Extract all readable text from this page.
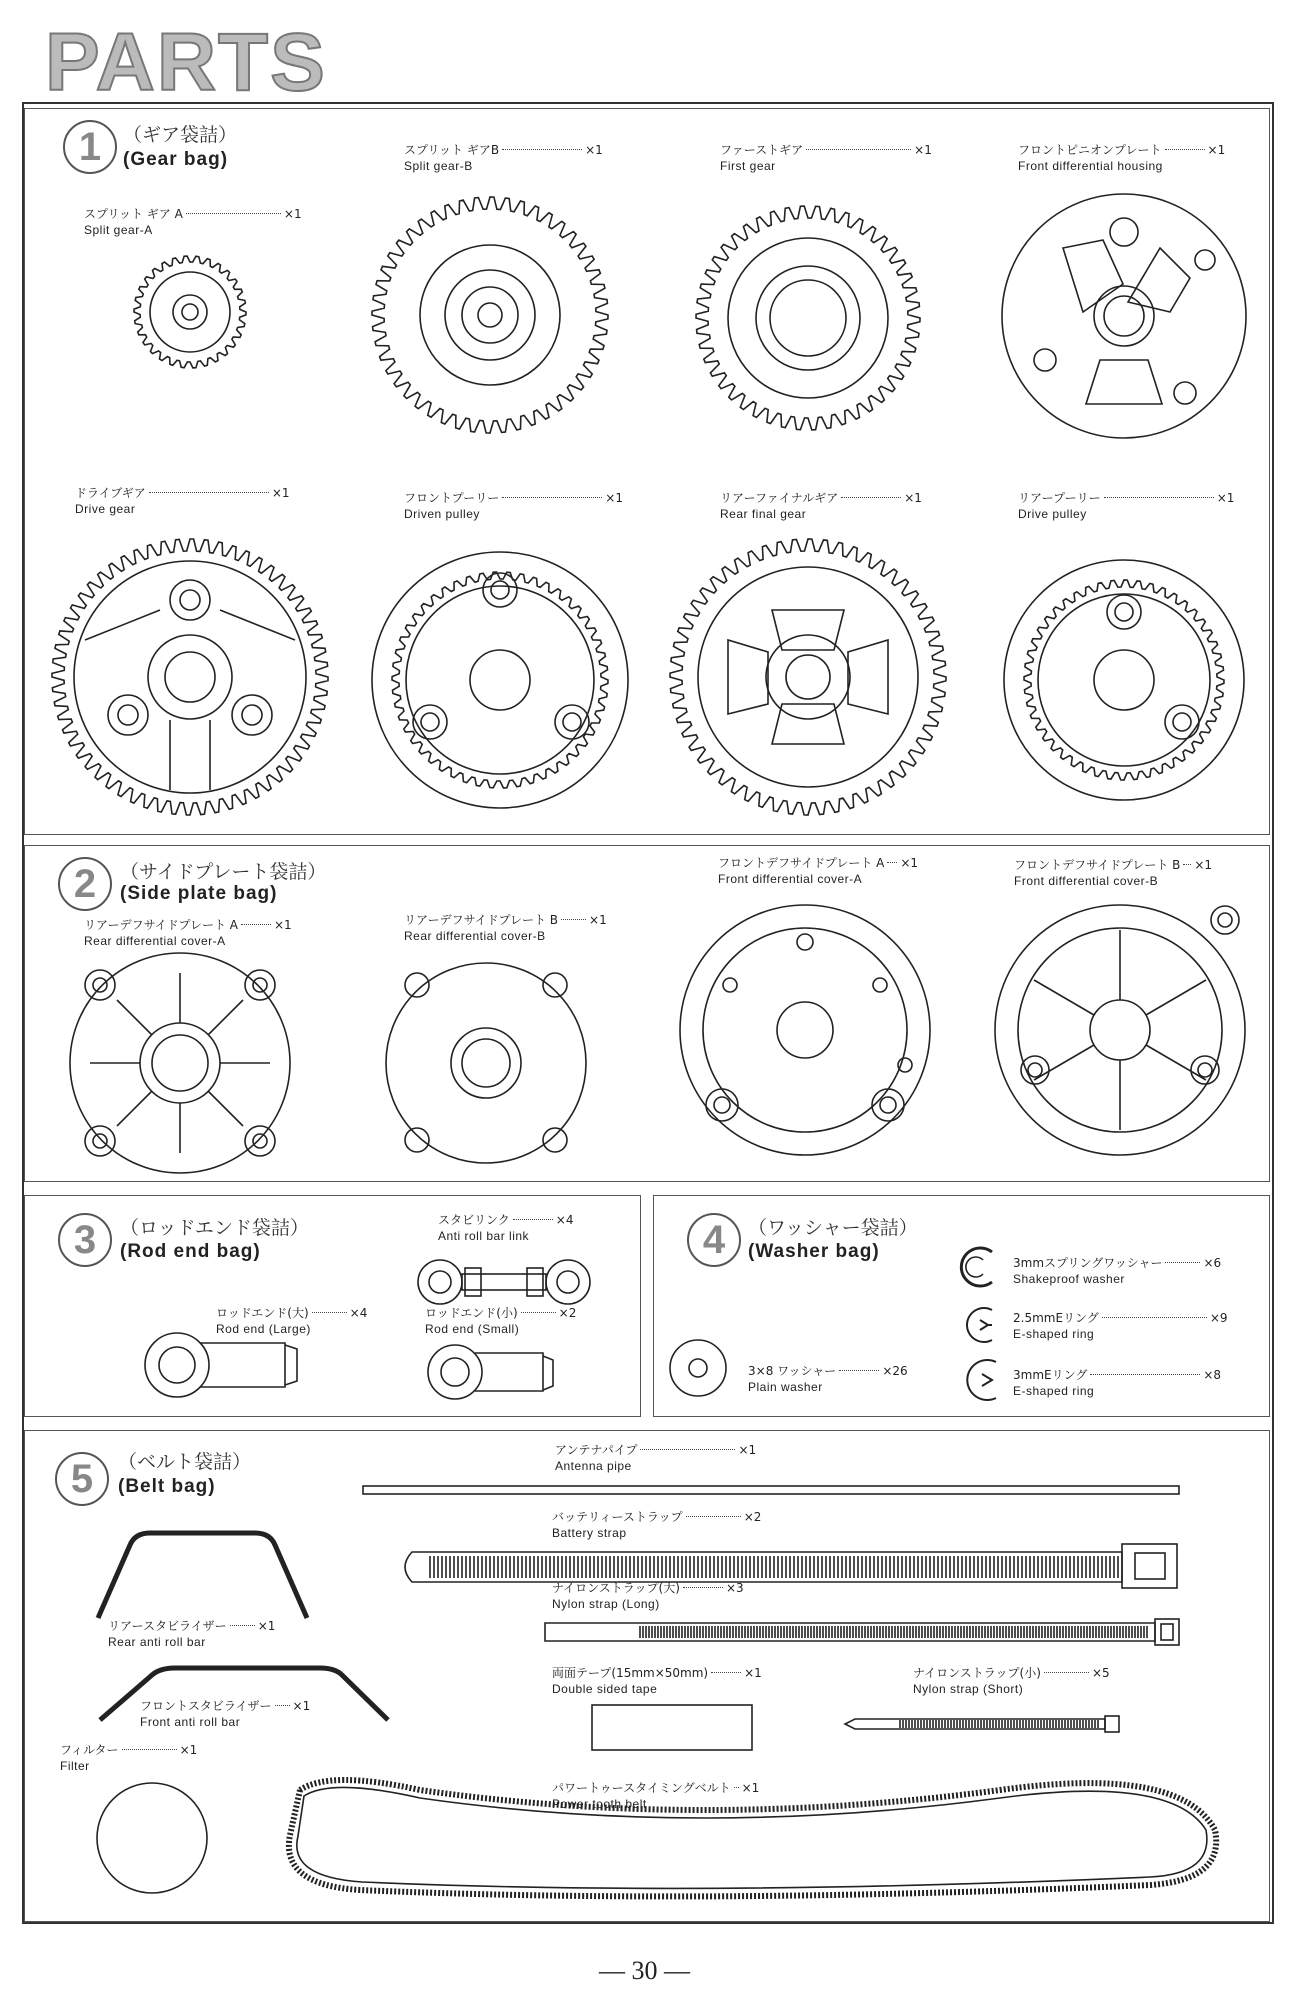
PARTS
1	（ギア袋詰）
(Gear bag)
2	（サイドプレート袋詰）
(Side plate bag)
3	（ロッドエンド袋詰）
(Rod end bag)	4	（ワッシャー袋詰）
(Washer bag)
5	（ベルト袋詰）
(Belt bag)
スプリット ギア A	×1
Split gear-A
スプリット ギアB	×1
Split gear-B
ファーストギア	×1
First gear
フロントピニオンプレート	×1
Front differential housing
ドライブギア	×1
Drive gear
フロントプーリー	×1
Driven pulley
リアーファイナルギア	×1
Rear final gear
リアープーリー	×1
Drive pulley
リアーデフサイドプレート A	×1
Rear differential cover-A
リアーデフサイドプレート B	×1
Rear differential cover-B
フロントデフサイドプレート A ×1
Front differential cover-A
フロントデフサイドプレート B ×1
Front differential cover-B
スタビリンク	×4
Anti roll bar link
ロッドエンド(大)	×4
Rod end (Large)
ロッドエンド(小)	×2
Rod end (Small)
3×8 ワッシャー	×26
Plain washer
3mmスプリングワッシャー	×6
Shakeproof washer
2.5mmEリング	×9
E-shaped ring
3mmEリング	×8
E-shaped ring
アンテナパイプ	×1
Antenna pipe
バッテリィーストラップ	×2
Battery strap
ナイロンストラップ(大)	×3
Nylon strap (Long)
リアースタビライザー	×1
Rear anti roll bar
両面テープ(15mm×50mm)	×1
Double sided tape
ナイロンストラップ(小)	×5
Nylon strap (Short)
フロントスタビライザー ×1
Front anti roll bar
フィルター	×1
Filter
パワートゥースタイミングベルト ×1
Power tooth belt
— 30 —
